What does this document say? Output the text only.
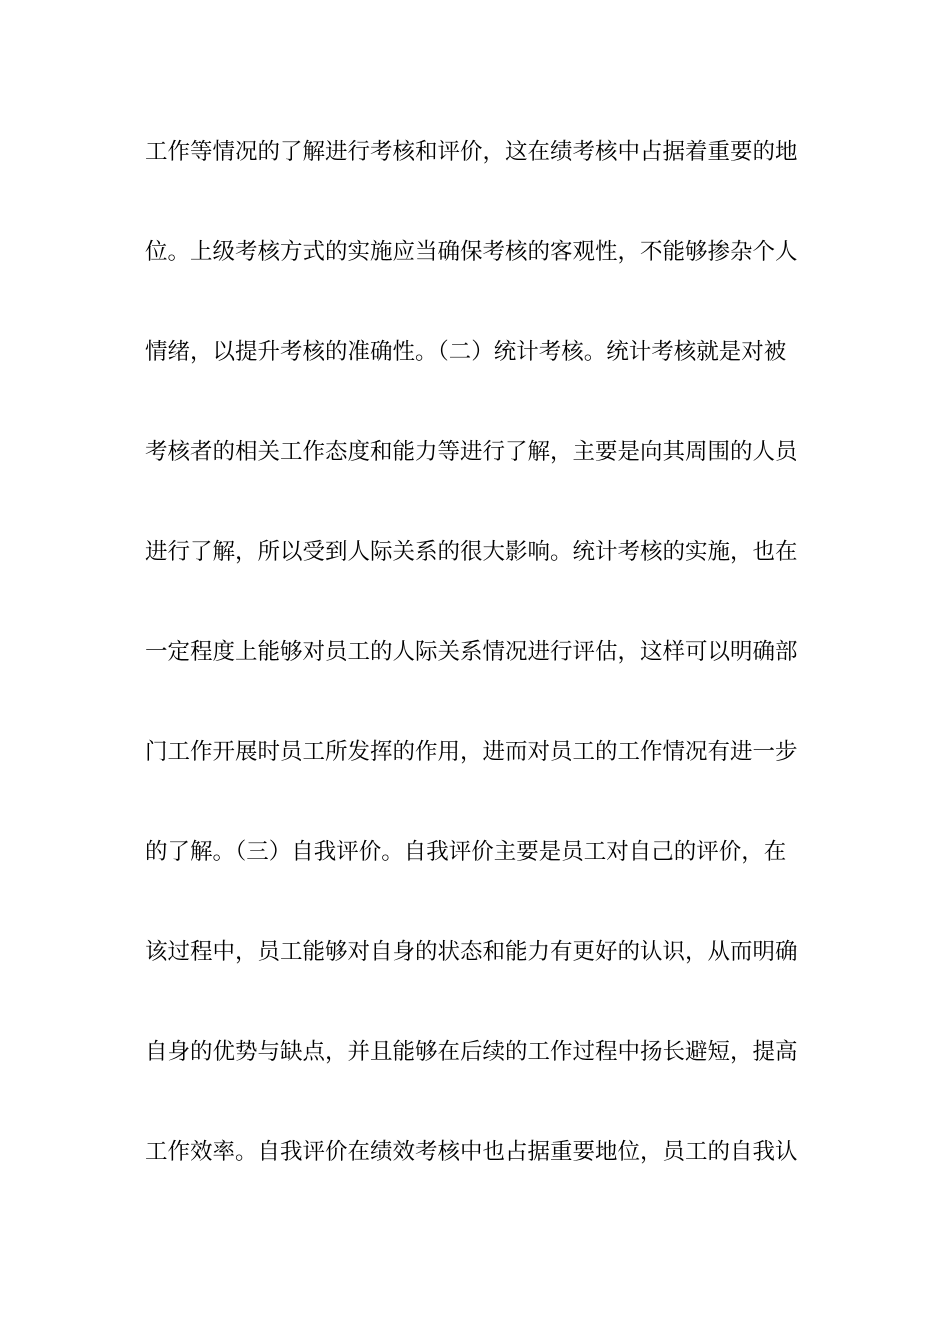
工作等情况的了解进行考核和评价，这在绩考核中占据着重要的地
位。上级考核方式的实施应当确保考核的客观性，不能够掺杂个人
情绪，以提升考核的准确性。（二）统计考核。统计考核就是对被
考核者的相关工作态度和能力等进行了解，主要是向其周围的人员
进行了解，所以受到人际关系的很大影响。统计考核的实施，也在
一定程度上能够对员工的人际关系情况进行评估，这样可以明确部
门工作开展时员工所发挥的作用，进而对员工的工作情况有进一步
的了解。（三）自我评价。自我评价主要是员工对自己的评价，在
该过程中，员工能够对自身的状态和能力有更好的认识，从而明确
自身的优势与缺点，并且能够在后续的工作过程中扬长避短，提高
工作效率。自我评价在绩效考核中也占据重要地位，员工的自我认
